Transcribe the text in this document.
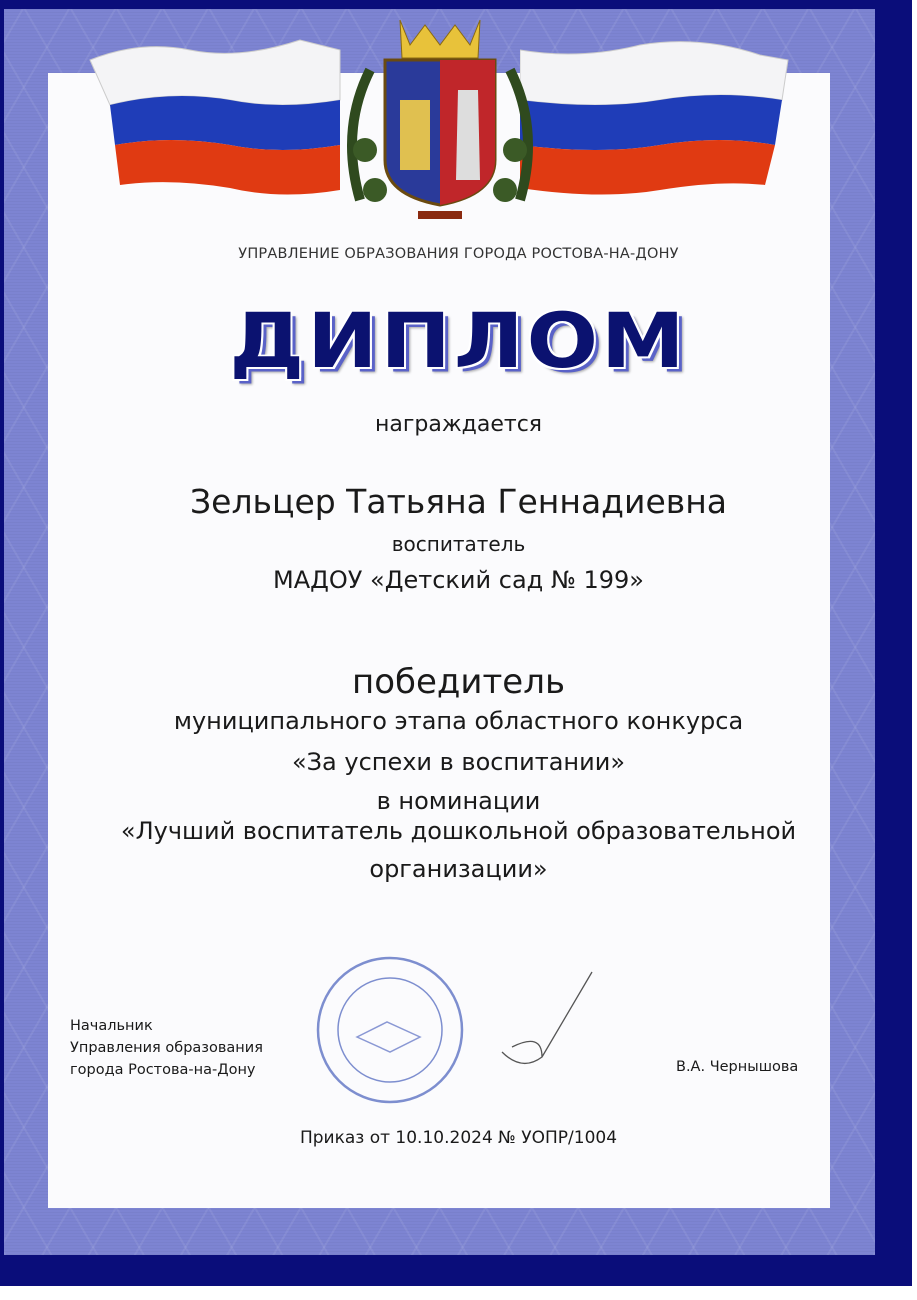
УПРАВЛЕНИЕ ОБРАЗОВАНИЯ ГОРОДА РОСТОВА-НА-ДОНУ
ДИПЛОМ
награждается
Зельцер Татьяна Геннадиевна
воспитатель
МАДОУ «Детский сад № 199»
победитель
муниципального этапа областного конкурса
«За успехи в воспитании»
в номинации
«Лучший воспитатель дошкольной образовательной
организации»
Начальник
Управления образования
города Ростова-на-Дону	В.А. Чернышова
Приказ от 10.10.2024 № УОПР/1004
